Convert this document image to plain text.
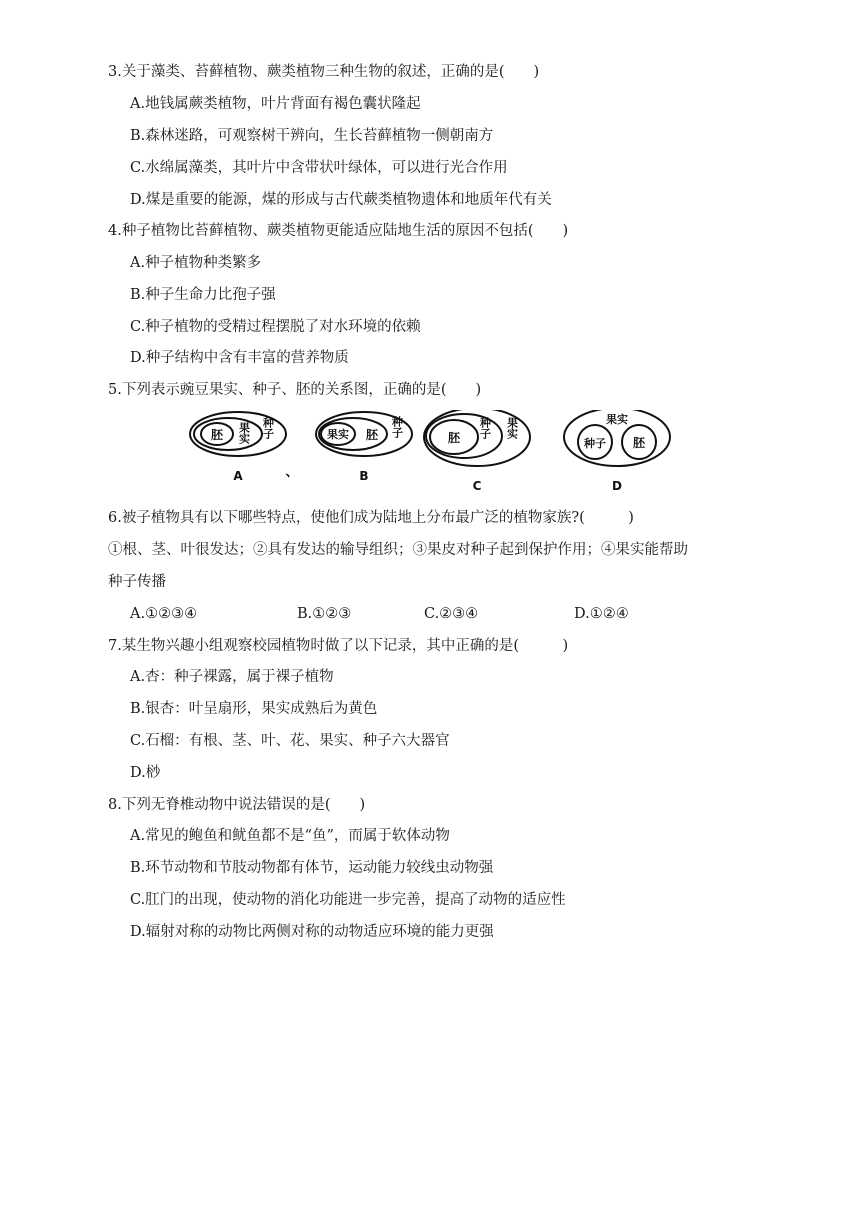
3.关于藻类、苔藓植物、蕨类植物三种生物的叙述，正确的是(　　)
A.地钱属蕨类植物，叶片背面有褐色囊状隆起
B.森林迷路，可观察树干辨向，生长苔藓植物一侧朝南方
C.水绵属藻类，其叶片中含带状叶绿体，可以进行光合作用
D.煤是重要的能源，煤的形成与古代蕨类植物遗体和地质年代有关
4.种子植物比苔藓植物、蕨类植物更能适应陆地生活的原因不包括(　　)
A.种子植物种类繁多
B.种子生命力比孢子强
C.种子植物的受精过程摆脱了对水环境的依赖
D.种子结构中含有丰富的营养物质
5.下列表示豌豆果实、种子、胚的关系图，正确的是(　　)
胚 果实 种子
A	、
果实 胚 种子
B
胚 种子 果实
C
果实
种子 胚
D
6.被子植物具有以下哪些特点，使他们成为陆地上分布最广泛的植物家族?(　　　)
①根、茎、叶很发达；②具有发达的输导组织；③果皮对种子起到保护作用；④果实能帮助
种子传播
A.①②③④	B.①②③	C.②③④	D.①②④
7.某生物兴趣小组观察校园植物时做了以下记录，其中正确的是(　　　)
A.杏：种子裸露，属于裸子植物
B.银杏：叶呈扇形，果实成熟后为黄色
C.石榴：有根、茎、叶、花、果实、种子六大器官
D.桫
8.下列无脊椎动物中说法错误的是(　　)
A.常见的鲍鱼和鱿鱼都不是“鱼”，而属于软体动物
B.环节动物和节肢动物都有体节，运动能力较线虫动物强
C.肛门的出现，使动物的消化功能进一步完善，提高了动物的适应性
D.辐射对称的动物比两侧对称的动物适应环境的能力更强
